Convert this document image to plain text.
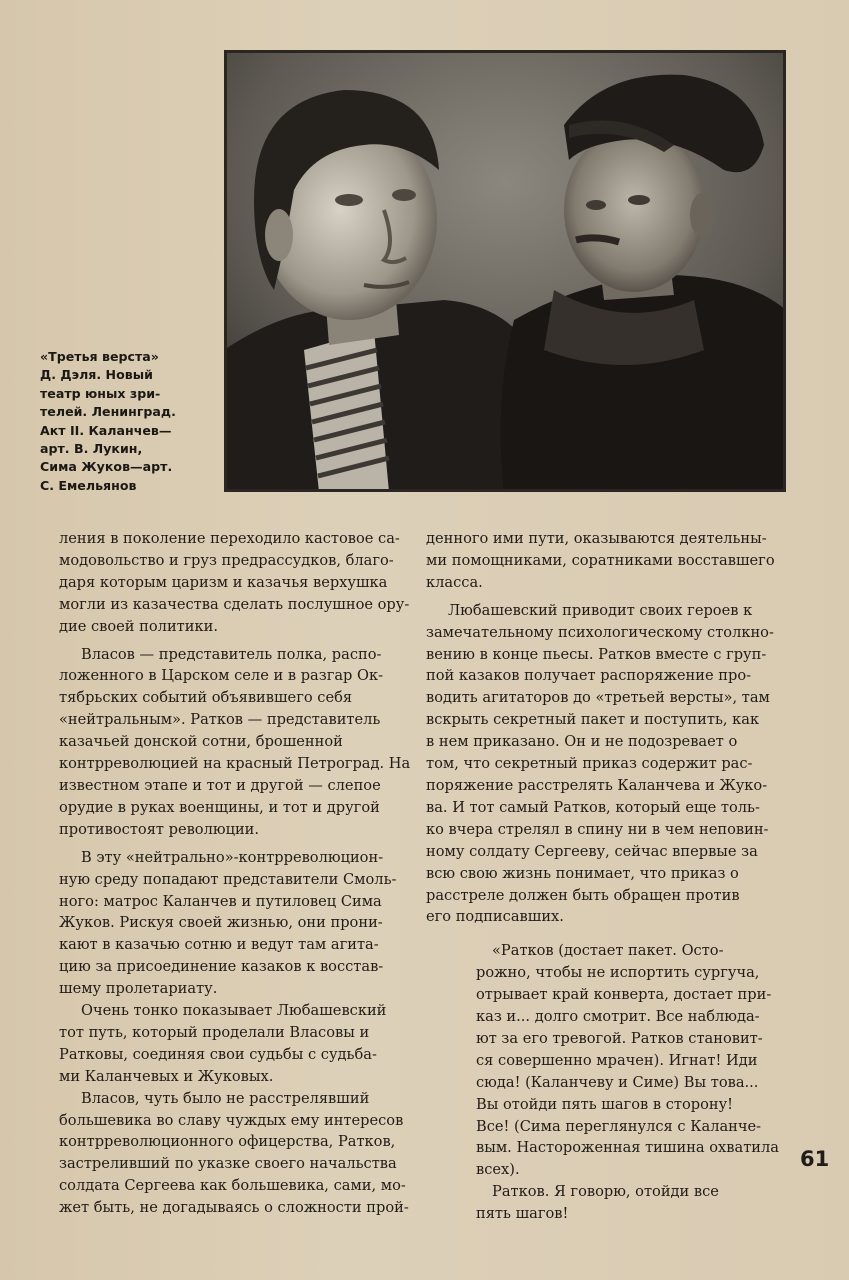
«Третья верста»
Д. Дэля. Новый
театр юных зри-
телей. Ленинград.
Акт II. Каланчев—
арт. В. Лукин,
Сима Жуков—арт.
С. Емельянов
ления в поколение переходило кастовое са-
модовольство и груз предрассудков, благо-
даря которым царизм и казачья верхушка
могли из казачества сделать послушное ору-
дие своей политики.
Власов — представитель полка, распо-
ложенного в Царском селе и в разгар Ок-
тябрьских событий объявившего себя
«нейтральным». Ратков — представитель
казачьей донской сотни, брошенной
контрреволюцией на красный Петроград. На
известном этапе и тот и другой — слепое
орудие в руках военщины, и тот и другой
противостоят революции.
В эту «нейтрально»-контрреволюцион-
ную среду попадают представители Смоль-
ного: матрос Каланчев и путиловец Сима
Жуков. Рискуя своей жизнью, они прони-
кают в казачью сотню и ведут там агита-
цию за присоединение казаков к восстав-
шему пролетариату.
Очень тонко показывает Любашевский
тот путь, который проделали Власовы и
Ратковы, соединяя свои судьбы с судьба-
ми Каланчевых и Жуковых.
Власов, чуть было не расстрелявший
большевика во славу чуждых ему интересов
контрреволюционного офицерства, Ратков,
застреливший по указке своего начальства
солдата Сергеева как большевика, сами, мо-
жет быть, не догадываясь о сложности прой-
денного ими пути, оказываются деятельны-
ми помощниками, соратниками восставшего
класса.
Любашевский приводит своих героев к
замечательному психологическому столкно-
вению в конце пьесы. Ратков вместе с груп-
пой казаков получает распоряжение про-
водить агитаторов до «третьей версты», там
вскрыть секретный пакет и поступить, как
в нем приказано. Он и не подозревает о
том, что секретный приказ содержит рас-
поряжение расстрелять Каланчева и Жуко-
ва. И тот самый Ратков, который еще толь-
ко вчера стрелял в спину ни в чем неповин-
ному солдату Сергееву, сейчас впервые за
всю свою жизнь понимает, что приказ о
расстреле должен быть обращен против
его подписавших.
«Ратков (достает пакет. Осто-
рожно, чтобы не испортить сургуча,
отрывает край конверта, достает при-
каз и... долго смотрит. Все наблюда-
ют за его тревогой. Ратков становит-
ся совершенно мрачен). Игнат! Иди
сюда! (Каланчеву и Симе) Вы това...
Вы отойди пять шагов в сторону!
Все! (Сима переглянулся с Каланче-
вым. Настороженная тишина охватила
всех).
Ратков. Я говорю, отойди все
пять шагов!
61
